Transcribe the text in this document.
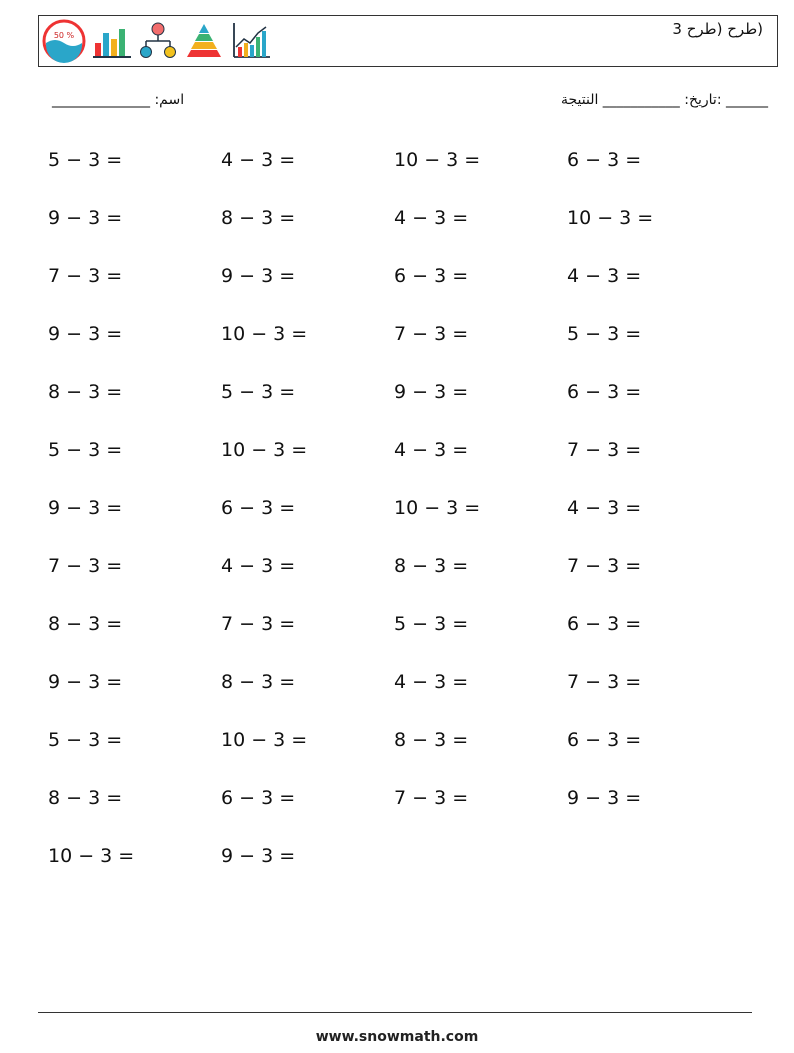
50 %	(طرح (طرح 3
______________ :اسم	______ :تاريخ: ___________ النتيجة
5 − 3 =	4 − 3 =	10 − 3 =	6 − 3 =
9 − 3 =	8 − 3 =	4 − 3 =	10 − 3 =
7 − 3 =	9 − 3 =	6 − 3 =	4 − 3 =
9 − 3 =	10 − 3 =	7 − 3 =	5 − 3 =
8 − 3 =	5 − 3 =	9 − 3 =	6 − 3 =
5 − 3 =	10 − 3 =	4 − 3 =	7 − 3 =
9 − 3 =	6 − 3 =	10 − 3 =	4 − 3 =
7 − 3 =	4 − 3 =	8 − 3 =	7 − 3 =
8 − 3 =	7 − 3 =	5 − 3 =	6 − 3 =
9 − 3 =	8 − 3 =	4 − 3 =	7 − 3 =
5 − 3 =	10 − 3 =	8 − 3 =	6 − 3 =
8 − 3 =	6 − 3 =	7 − 3 =	9 − 3 =
10 − 3 =	9 − 3 =
www.snowmath.com
